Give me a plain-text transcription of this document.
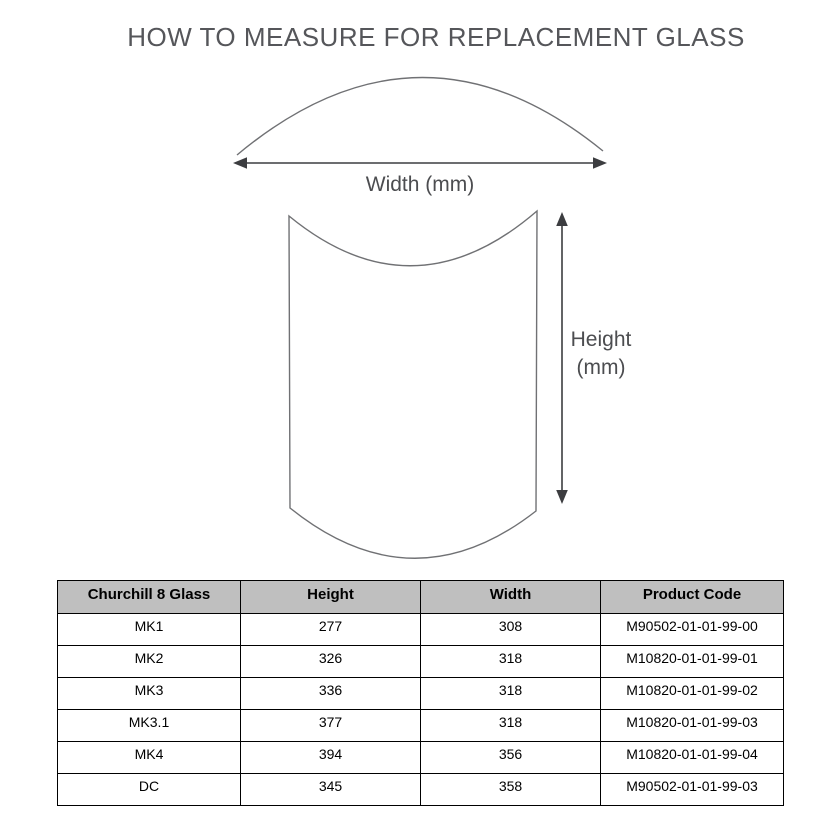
HOW TO MEASURE FOR REPLACEMENT GLASS
Width (mm)
Height
(mm)
Churchill 8 Glass	Height	Width	Product Code
MK1	277	308	M90502-01-01-99-00
MK2	326	318	M10820-01-01-99-01
MK3	336	318	M10820-01-01-99-02
MK3.1	377	318	M10820-01-01-99-03
MK4	394	356	M10820-01-01-99-04
DC	345	358	M90502-01-01-99-03
